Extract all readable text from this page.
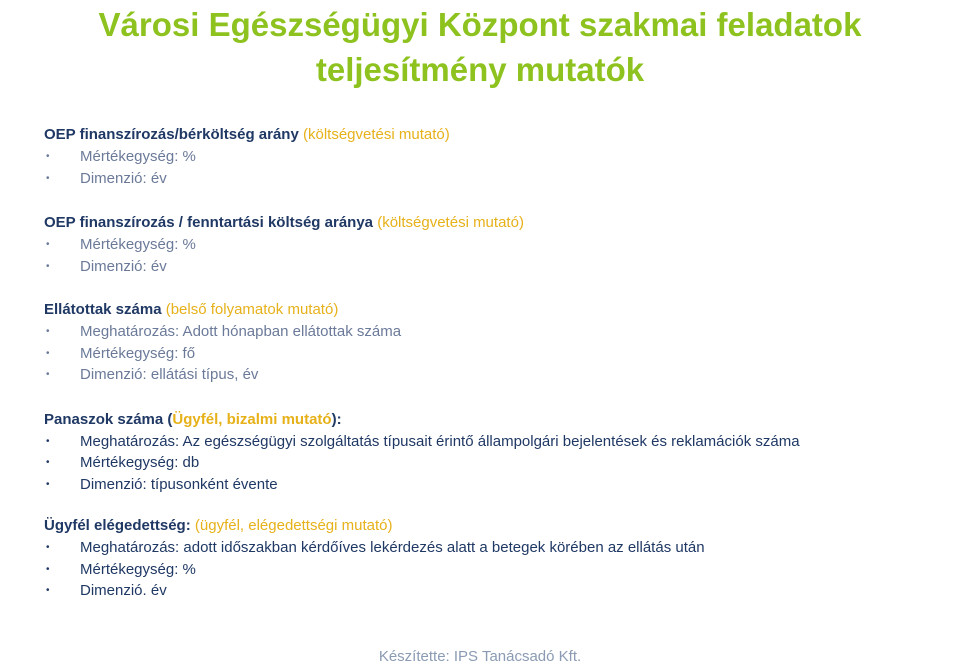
Városi Egészségügyi Központ szakmai feladatok teljesítmény mutatók
OEP finanszírozás/bérköltség arány (költségvetési mutató)
• Mértékegység: %
• Dimenzió: év
OEP finanszírozás / fenntartási költség aránya (költségvetési mutató)
• Mértékegység: %
• Dimenzió: év
Ellátottak száma (belső folyamatok mutató)
• Meghatározás: Adott hónapban ellátottak száma
• Mértékegység: fő
• Dimenzió: ellátási típus, év
Panaszok száma (Ügyfél, bizalmi mutató):
• Meghatározás: Az egészségügyi szolgáltatás típusait érintő állampolgári bejelentések és reklamációk száma
• Mértékegység: db
• Dimenzió: típusonként évente
Ügyfél elégedettség: (ügyfél, elégedettségi mutató)
• Meghatározás: adott időszakban kérdőíves lekérdezés alatt a betegek körében az ellátás után
• Mértékegység: %
• Dimenzió. év
Készítette: IPS Tanácsadó Kft.
